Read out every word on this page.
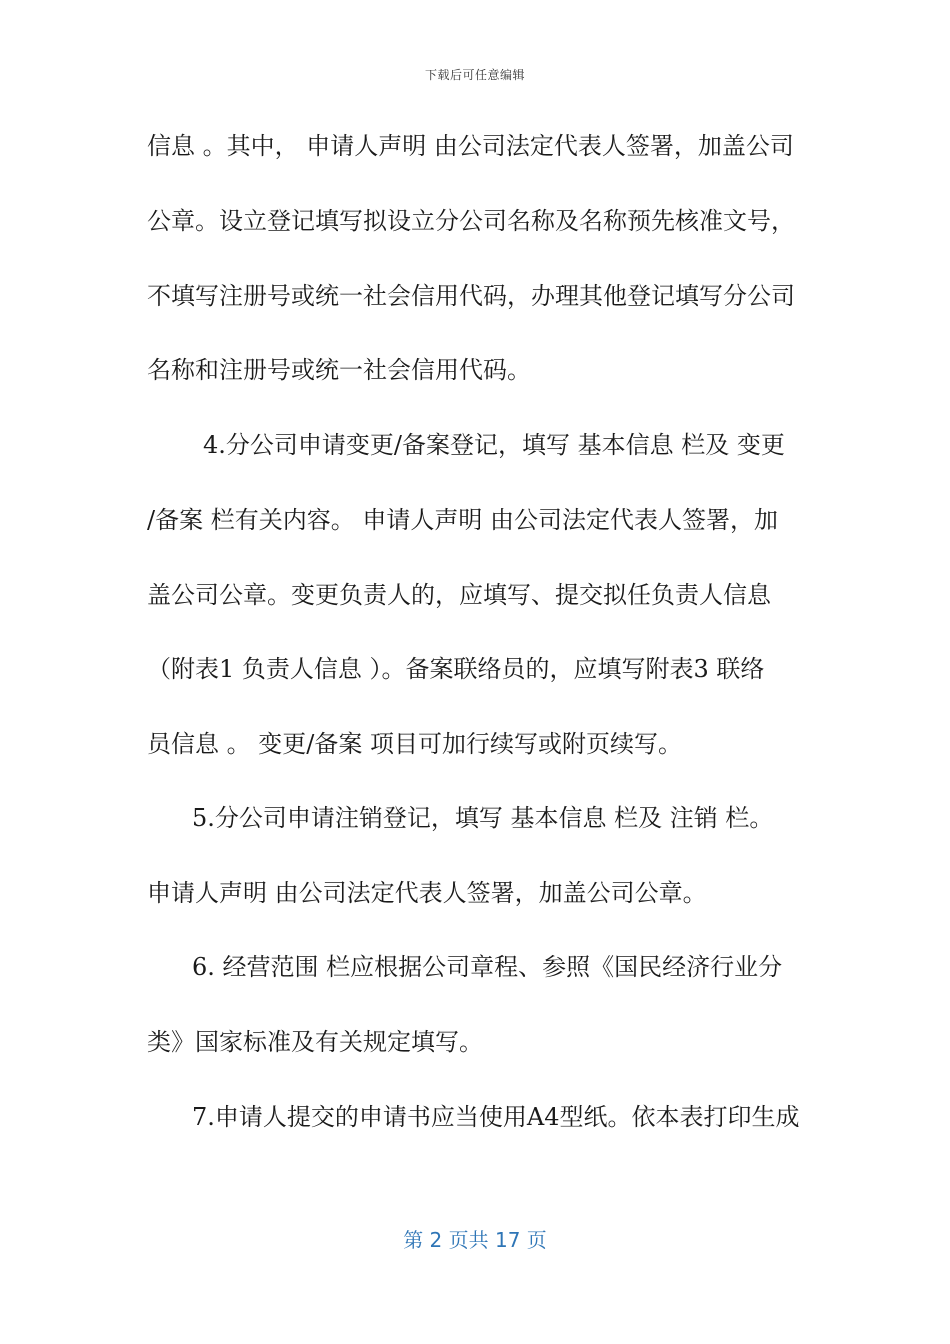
下载后可任意编辑
信息 。其中， 申请人声明 由公司法定代表人签署，加盖公司
公章。设立登记填写拟设立分公司名称及名称预先核准文号，
不填写注册号或统一社会信用代码，办理其他登记填写分公司
名称和注册号或统一社会信用代码。
4.分公司申请变更/备案登记，填写 基本信息 栏及 变更
/备案 栏有关内容。 申请人声明 由公司法定代表人签署，加
盖公司公章。变更负责人的，应填写、提交拟任负责人信息
（附表1 负责人信息 ）。备案联络员的，应填写附表3 联络
员信息 。 变更/备案 项目可加行续写或附页续写。
5.分公司申请注销登记，填写 基本信息 栏及 注销 栏。
申请人声明 由公司法定代表人签署，加盖公司公章。
6. 经营范围 栏应根据公司章程、参照《国民经济行业分
类》国家标准及有关规定填写。
7.申请人提交的申请书应当使用A4型纸。依本表打印生成
第 2 页共 17 页
